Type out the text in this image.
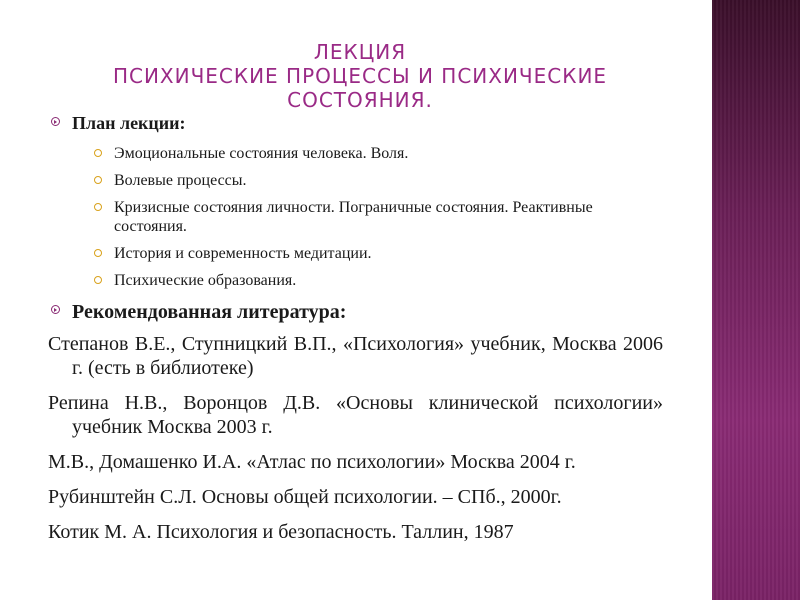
ЛЕКЦИЯ
ПСИХИЧЕСКИЕ ПРОЦЕССЫ И ПСИХИЧЕСКИЕ СОСТОЯНИЯ.
План лекции:
Эмоциональные состояния человека. Воля.
Волевые процессы.
Кризисные состояния личности. Пограничные состояния. Реактивные состояния.
История и современность медитации.
Психические образования.
Рекомендованная литература:
Степанов В.Е., Ступницкий В.П., «Психология» учебник, Москва 2006 г. (есть в библиотеке)
Репина Н.В., Воронцов Д.В. «Основы клинической психологии» учебник Москва 2003 г.
М.В., Домашенко И.А. «Атлас по психологии» Москва 2004 г.
Рубинштейн С.Л. Основы общей психологии. – СПб., 2000г.
Котик М. А. Психология и безопасность. Таллин, 1987
